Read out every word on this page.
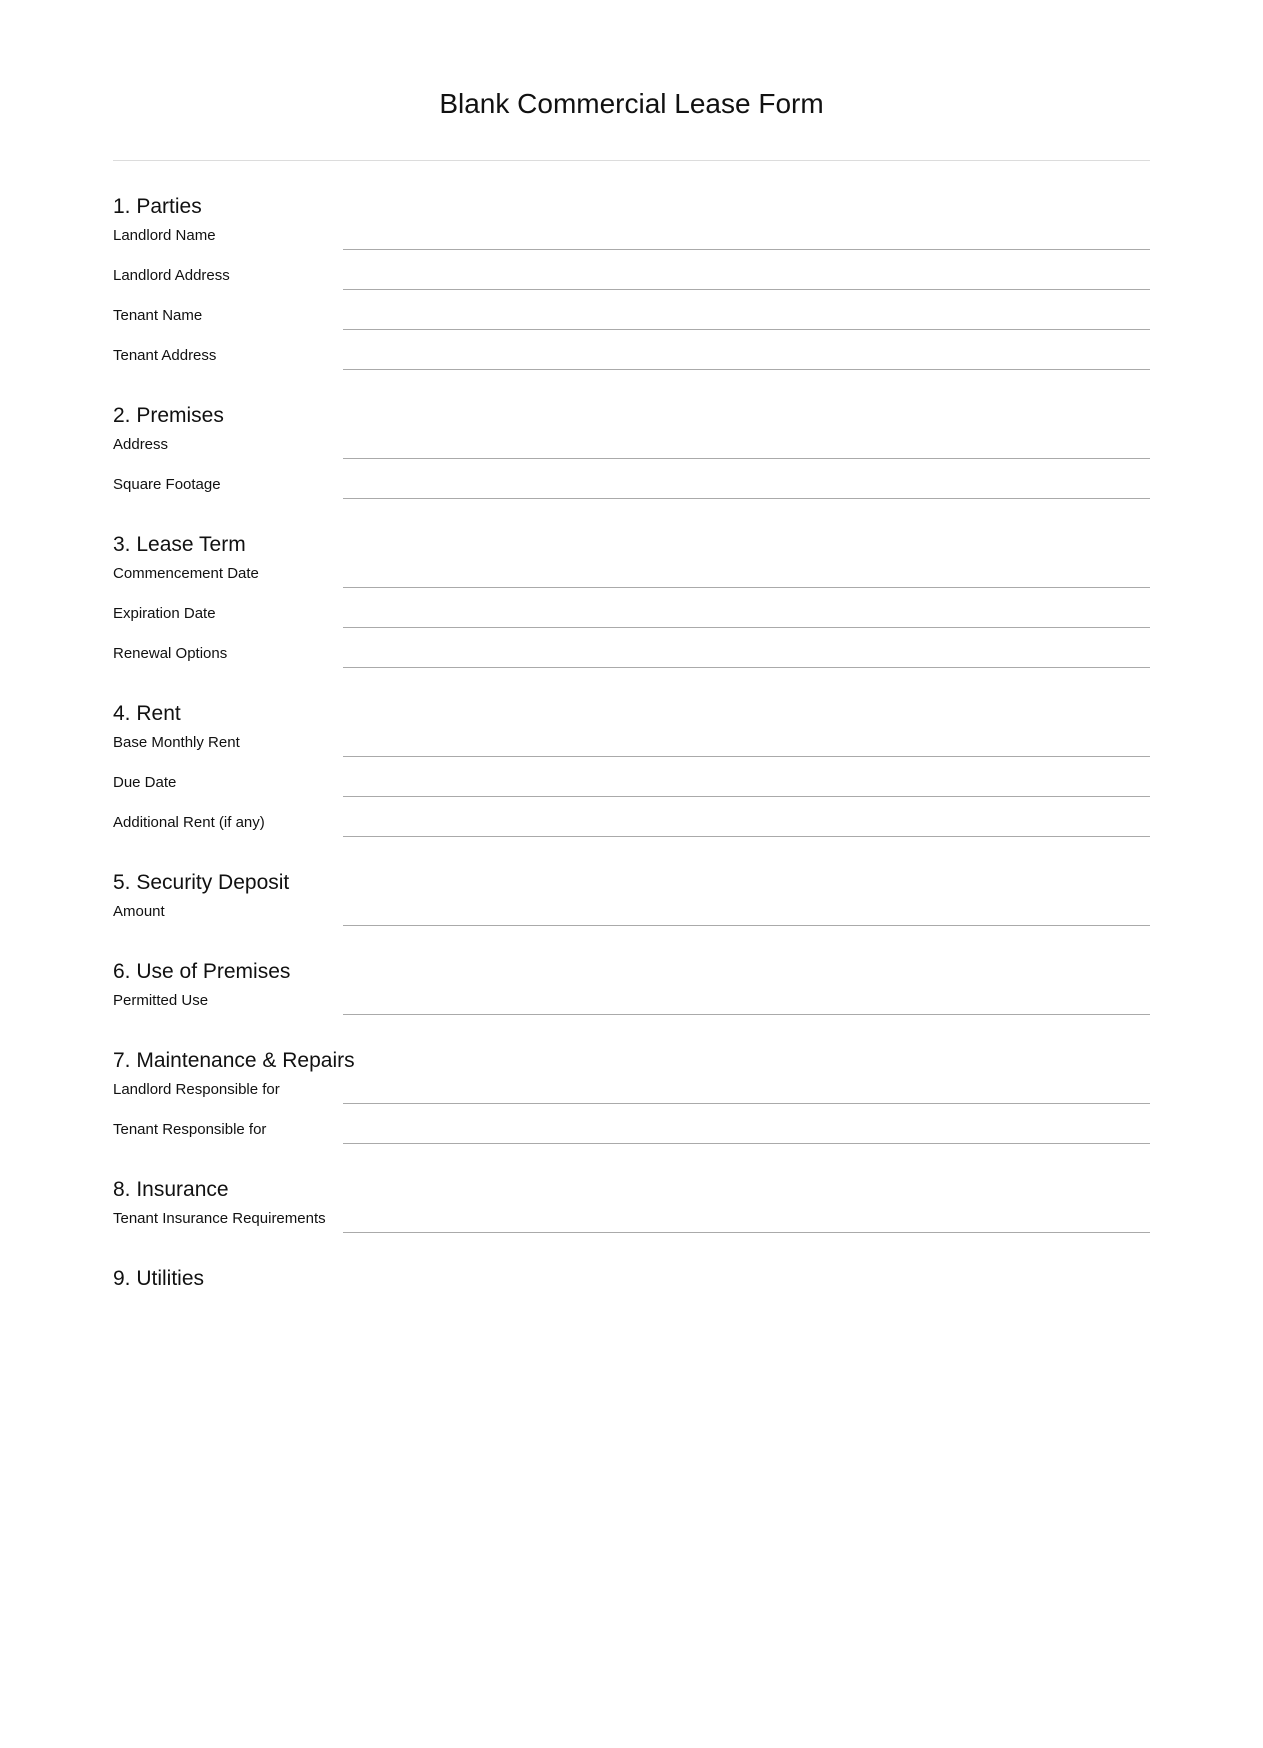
Blank Commercial Lease Form
1. Parties
Landlord Name
Landlord Address
Tenant Name
Tenant Address
2. Premises
Address
Square Footage
3. Lease Term
Commencement Date
Expiration Date
Renewal Options
4. Rent
Base Monthly Rent
Due Date
Additional Rent (if any)
5. Security Deposit
Amount
6. Use of Premises
Permitted Use
7. Maintenance & Repairs
Landlord Responsible for
Tenant Responsible for
8. Insurance
Tenant Insurance Requirements
9. Utilities
